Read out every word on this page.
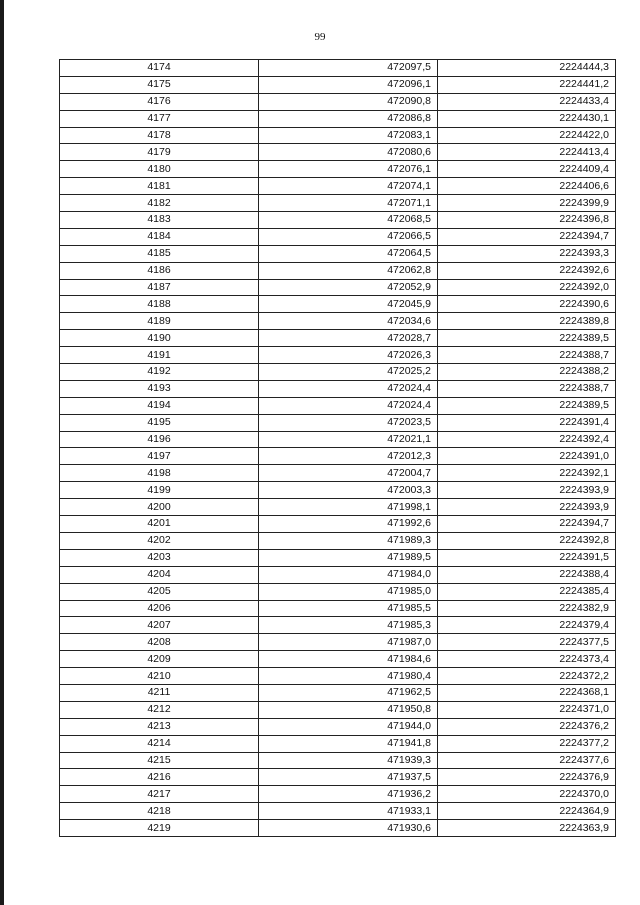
99
4174	472097,5	2224444,3
4175	472096,1	2224441,2
4176	472090,8	2224433,4
4177	472086,8	2224430,1
4178	472083,1	2224422,0
4179	472080,6	2224413,4
4180	472076,1	2224409,4
4181	472074,1	2224406,6
4182	472071,1	2224399,9
4183	472068,5	2224396,8
4184	472066,5	2224394,7
4185	472064,5	2224393,3
4186	472062,8	2224392,6
4187	472052,9	2224392,0
4188	472045,9	2224390,6
4189	472034,6	2224389,8
4190	472028,7	2224389,5
4191	472026,3	2224388,7
4192	472025,2	2224388,2
4193	472024,4	2224388,7
4194	472024,4	2224389,5
4195	472023,5	2224391,4
4196	472021,1	2224392,4
4197	472012,3	2224391,0
4198	472004,7	2224392,1
4199	472003,3	2224393,9
4200	471998,1	2224393,9
4201	471992,6	2224394,7
4202	471989,3	2224392,8
4203	471989,5	2224391,5
4204	471984,0	2224388,4
4205	471985,0	2224385,4
4206	471985,5	2224382,9
4207	471985,3	2224379,4
4208	471987,0	2224377,5
4209	471984,6	2224373,4
4210	471980,4	2224372,2
4211	471962,5	2224368,1
4212	471950,8	2224371,0
4213	471944,0	2224376,2
4214	471941,8	2224377,2
4215	471939,3	2224377,6
4216	471937,5	2224376,9
4217	471936,2	2224370,0
4218	471933,1	2224364,9
4219	471930,6	2224363,9
